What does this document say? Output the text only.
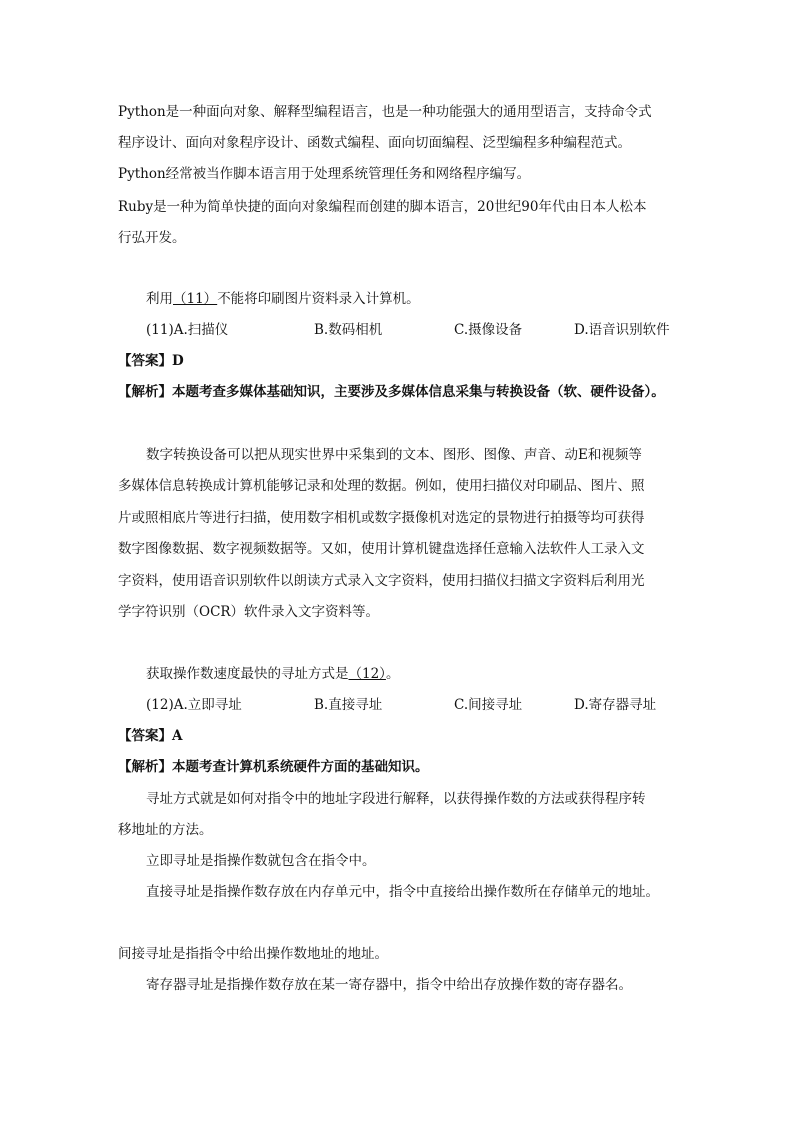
Python是一种面向对象、解释型编程语言，也是一种功能强大的通用型语言，支持命令式
程序设计、面向对象程序设计、函数式编程、面向切面编程、泛型编程多种编程范式。
Python经常被当作脚本语言用于处理系统管理任务和网络程序编写。
Ruby是一种为简单快捷的面向对象编程而创建的脚本语言，20世纪90年代由日本人松本
行弘开发。
利用（11）不能将印刷图片资料录入计算机。
(11)A.扫描仪	B.数码相机	C.摄像设备	D.语音识别软件
【答案】D
【解析】本题考查多媒体基础知识，主要涉及多媒体信息采集与转换设备（软、硬件设备）。
数字转换设备可以把从现实世界中采集到的文本、图形、图像、声音、动E和视频等
多媒体信息转换成计算机能够记录和处理的数据。例如，使用扫描仪对印刷品、图片、照
片或照相底片等进行扫描，使用数字相机或数字摄像机对选定的景物进行拍摄等均可获得
数字图像数据、数字视频数据等。又如，使用计算机键盘选择任意输入法软件人工录入文
字资料，使用语音识别软件以朗读方式录入文字资料，使用扫描仪扫描文字资料后利用光
学字符识别（OCR）软件录入文字资料等。
获取操作数速度最快的寻址方式是（12）。
(12)A.立即寻址	B.直接寻址	C.间接寻址	D.寄存器寻址
【答案】A
【解析】本题考查计算机系统硬件方面的基础知识。
寻址方式就是如何对指令中的地址字段进行解释，以获得操作数的方法或获得程序转
移地址的方法。
立即寻址是指操作数就包含在指令中。
直接寻址是指操作数存放在内存单元中，指令中直接给出操作数所在存储单元的地址。
间接寻址是指指令中给出操作数地址的地址。
寄存器寻址是指操作数存放在某一寄存器中，指令中给出存放操作数的寄存器名。
